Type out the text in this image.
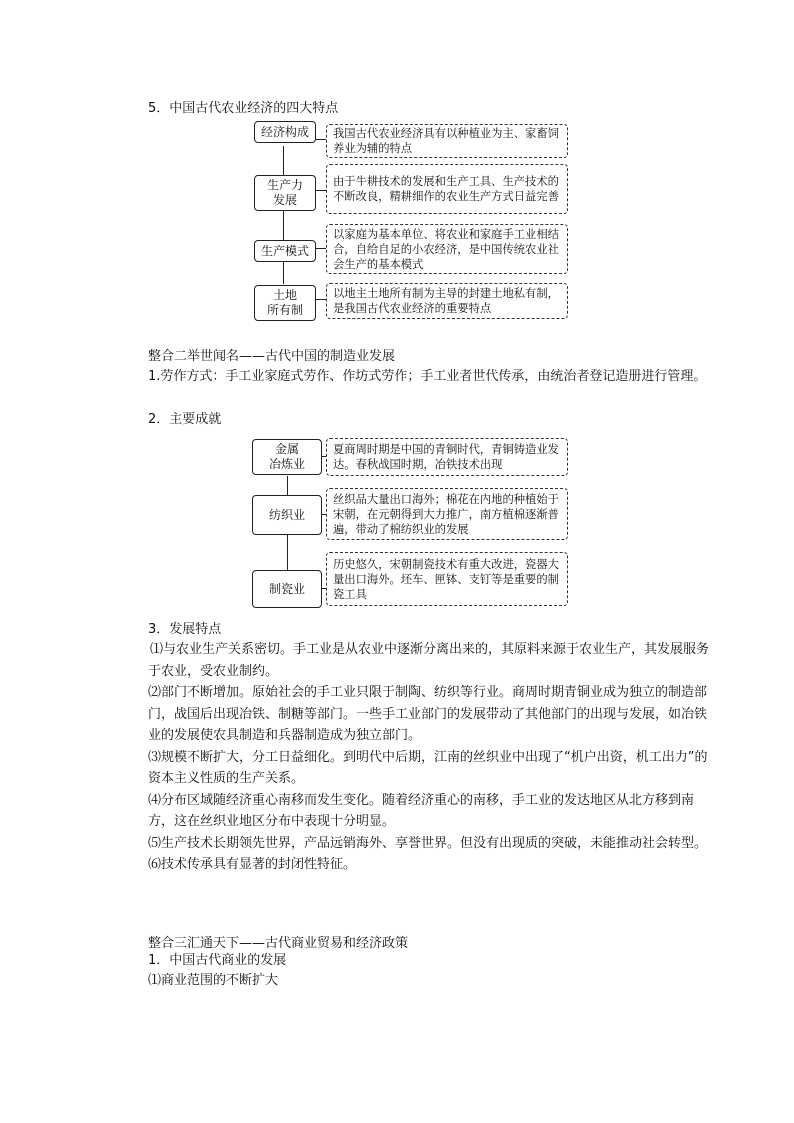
5．中国古代农业经济的四大特点
经济构成	我国古代农业经济具有以种植业为主、家畜饲养业为辅的特点
生产力
发展
由于牛耕技术的发展和生产工具、生产技术的不断改良，精耕细作的农业生产方式日益完善
生产模式
以家庭为基本单位、将农业和家庭手工业相结合，自给自足的小农经济，是中国传统农业社会生产的基本模式
土地
所有制
以地主土地所有制为主导的封建土地私有制，是我国古代农业经济的重要特点
整合二举世闻名——古代中国的制造业发展

1.劳作方式：手工业家庭式劳作、作坊式劳作；手工业者世代传承，由统治者登记造册进行管理。

2．主要成就
金属
冶炼业
夏商周时期是中国的青铜时代，青铜铸造业发达。春秋战国时期，冶铁技术出现
纺织业
丝织品大量出口海外；棉花在内地的种植始于宋朝，在元朝得到大力推广，南方植棉逐渐普遍，带动了棉纺织业的发展
制瓷业
历史悠久，宋朝制瓷技术有重大改进，瓷器大量出口海外。坯车、匣钵、支钉等是重要的制瓷工具
3．发展特点

⑴与农业生产关系密切。手工业是从农业中逐渐分离出来的，其原料来源于农业生产，其发展服务于农业，受农业制约。

⑵部门不断增加。原始社会的手工业只限于制陶、纺织等行业。商周时期青铜业成为独立的制造部门，战国后出现冶铁、制糖等部门。一些手工业部门的发展带动了其他部门的出现与发展，如冶铁业的发展使农具制造和兵器制造成为独立部门。

⑶规模不断扩大，分工日益细化。到明代中后期，江南的丝织业中出现了“机户出资，机工出力”的资本主义性质的生产关系。

⑷分布区域随经济重心南移而发生变化。随着经济重心的南移，手工业的发达地区从北方移到南方，这在丝织业地区分布中表现十分明显。

⑸生产技术长期领先世界，产品远销海外、享誉世界。但没有出现质的突破，未能推动社会转型。

⑹技术传承具有显著的封闭性特征。

整合三汇通天下——古代商业贸易和经济政策
1．中国古代商业的发展
⑴商业范围的不断扩大
